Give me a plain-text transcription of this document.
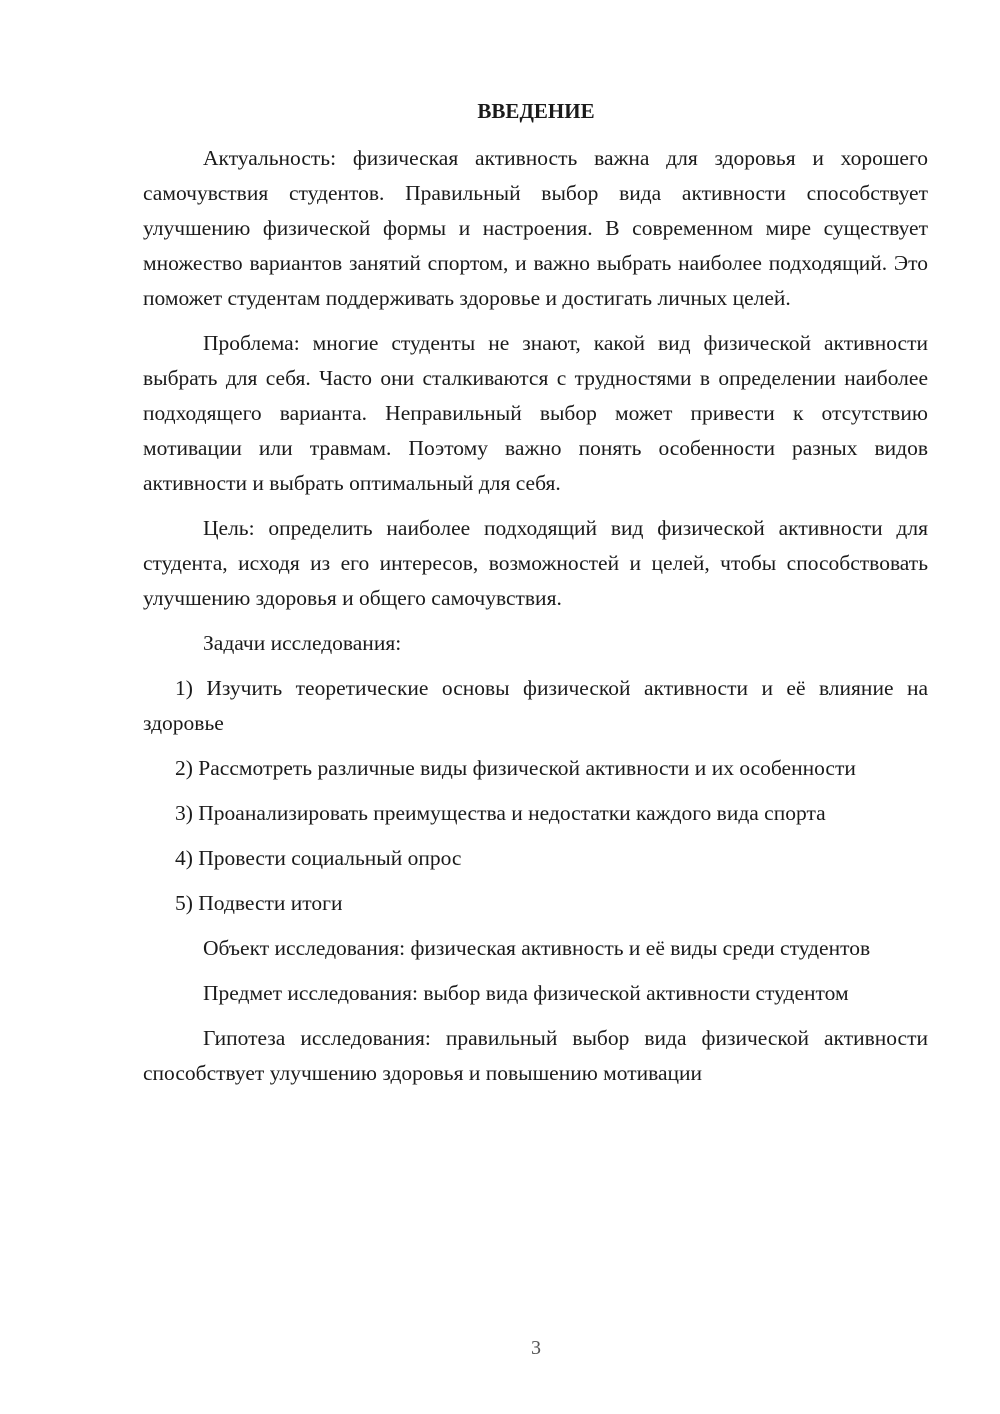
ВВЕДЕНИЕ

Актуальность: физическая активность важна для здоровья и хорошего самочувствия студентов. Правильный выбор вида активности способствует улучшению физической формы и настроения. В современном мире существует множество вариантов занятий спортом, и важно выбрать наиболее подходящий. Это поможет студентам поддерживать здоровье и достигать личных целей.

Проблема: многие студенты не знают, какой вид физической активности выбрать для себя. Часто они сталкиваются с трудностями в определении наиболее подходящего варианта. Неправильный выбор может привести к отсутствию мотивации или травмам. Поэтому важно понять особенности разных видов активности и выбрать оптимальный для себя.

Цель: определить наиболее подходящий вид физической активности для студента, исходя из его интересов, возможностей и целей, чтобы способствовать улучшению здоровья и общего самочувствия.

Задачи исследования:

1) Изучить теоретические основы физической активности и её влияние на здоровье

2) Рассмотреть различные виды физической активности и их особенности

3) Проанализировать преимущества и недостатки каждого вида спорта

4) Провести социальный опрос

5) Подвести итоги

Объект исследования: физическая активность и её виды среди студентов

Предмет исследования: выбор вида физической активности студентом

Гипотеза исследования: правильный выбор вида физической активности способствует улучшению здоровья и повышению мотивации

3
